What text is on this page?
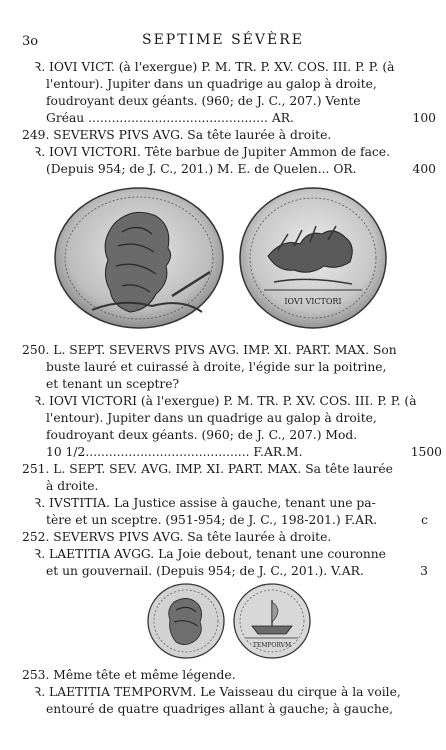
3o	SEPTIME SÉVÈRE
Ꝛ. IOVI VICT. (à l'exergue) P. M. TR. P. XV. COS. III. P. P. (à
l'entour). Jupiter dans un quadrige au galop à droite,
foudroyant deux géants. (960; de J. C., 207.) Vente
Gréau .............................................. AR.	100
249. SEVERVS PIVS AVG. Sa tête laurée à droite.
Ꝛ. IOVI VICTORI. Tête barbue de Jupiter Ammon de face.
(Depuis 954; de J. C., 201.) M. E. de Quelen... OR.	400
IOVI VICTORI
250. L. SEPT. SEVERVS PIVS AVG. IMP. XI. PART. MAX. Son
buste lauré et cuirassé à droite, l'égide sur la poitrine,
et tenant un sceptre?
Ꝛ. IOVI VICTORI (à l'exergue) P. M. TR. P. XV. COS. III. P. P. (à
l'entour). Jupiter dans un quadrige au galop à droite,
foudroyant deux géants. (960; de J. C., 207.) Mod.
10 1/2.......................................... F.AR.M.	1500
251. L. SEPT. SEV. AVG. IMP. XI. PART. MAX. Sa tête laurée
à droite.
Ꝛ. IVSTITIA. La Justice assise à gauche, tenant une pa-
tère et un sceptre. (951-954; de J. C., 198-201.) F.AR.	c
252. SEVERVS PIVS AVG. Sa tête laurée à droite.
Ꝛ. LAETITIA AVGG. La Joie debout, tenant une couronne
et un gouvernail. (Depuis 954; de J. C., 201.). V.AR.	3
TEMPORVM
253. Même tête et même légende.
Ꝛ. LAETITIA TEMPORVM. Le Vaisseau du cirque à la voile,
entouré de quatre quadriges allant à gauche; à gauche,
